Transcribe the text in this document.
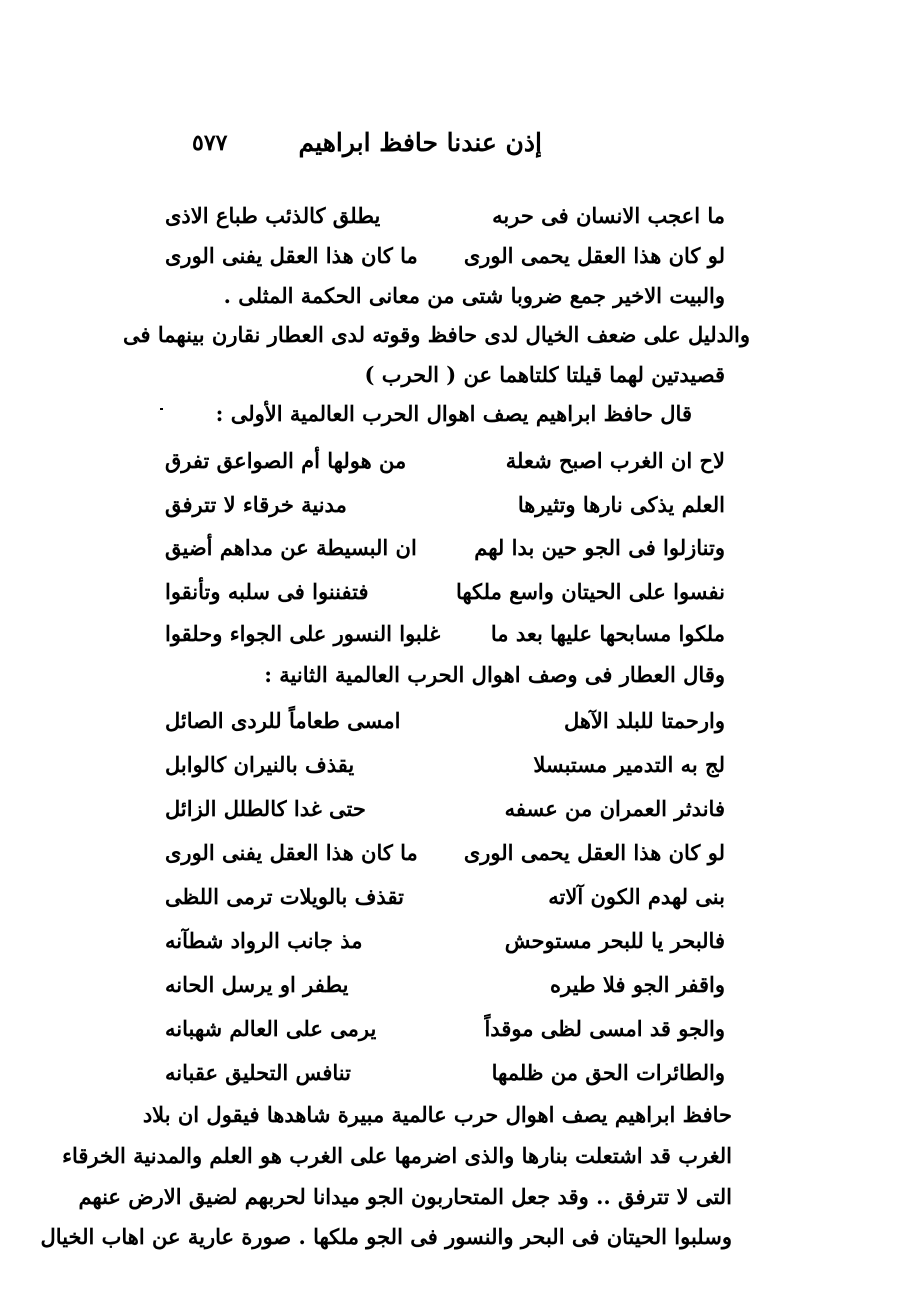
إذن عندنا حافظ ابراهيم
٥٧٧
ما اعجب الانسان فى حربه
يطلق كالذئب طباع الاذى
لو كان هذا العقل يحمى الورى
ما كان هذا العقل يفنى الورى
والبيت الاخير جمع ضروبا شتى من معانى الحكمة المثلى .
والدليل على ضعف الخيال لدى حافظ وقوته لدى العطار نقارن بينهما فى
قصيدتين لهما قيلتا كلتاهما عن ( الحرب )
قال حافظ ابراهيم يصف اهوال الحرب العالمية الأولى :
لاح ان الغرب اصبح شعلة
من هولها أم الصواعق تفرق
العلم يذكى نارها وتثيرها
مدنية خرقاء لا تترفق
وتنازلوا فى الجو حين بدا لهم
ان البسيطة عن مداهم أضيق
نفسوا على الحيتان واسع ملكها
فتفننوا فى سلبه وتأنقوا
ملكوا مسابحها عليها بعد ما
غلبوا النسور على الجواء وحلقوا
وقال العطار فى وصف اهوال الحرب العالمية الثانية :
وارحمتا للبلد الآهل
امسى طعاماً للردى الصائل
لج به التدمير مستبسلا
يقذف بالنيران كالوابل
فاندثر العمران من عسفه
حتى غدا كالطلل الزائل
لو كان هذا العقل يحمى الورى
ما كان هذا العقل يفنى الورى
بنى لهدم الكون آلاته
تقذف بالويلات ترمى اللظى
فالبحر يا للبحر مستوحش
مذ جانب الرواد شطآنه
واقفر الجو فلا طيره
يطفر او يرسل الحانه
والجو قد امسى لظى موقداً
يرمى على العالم شهبانه
والطائرات الحق من ظلمها
تنافس التحليق عقبانه
حافظ ابراهيم يصف اهوال حرب عالمية مبيرة شاهدها فيقول ان بلاد
الغرب قد اشتعلت بنارها والذى اضرمها على الغرب هو العلم والمدنية الخرقاء
التى لا تترفق .. وقد جعل المتحاربون الجو ميدانا لحربهم لضيق الارض عنهم
وسلبوا الحيتان فى البحر والنسور فى الجو ملكها . صورة عارية عن اهاب الخيال
